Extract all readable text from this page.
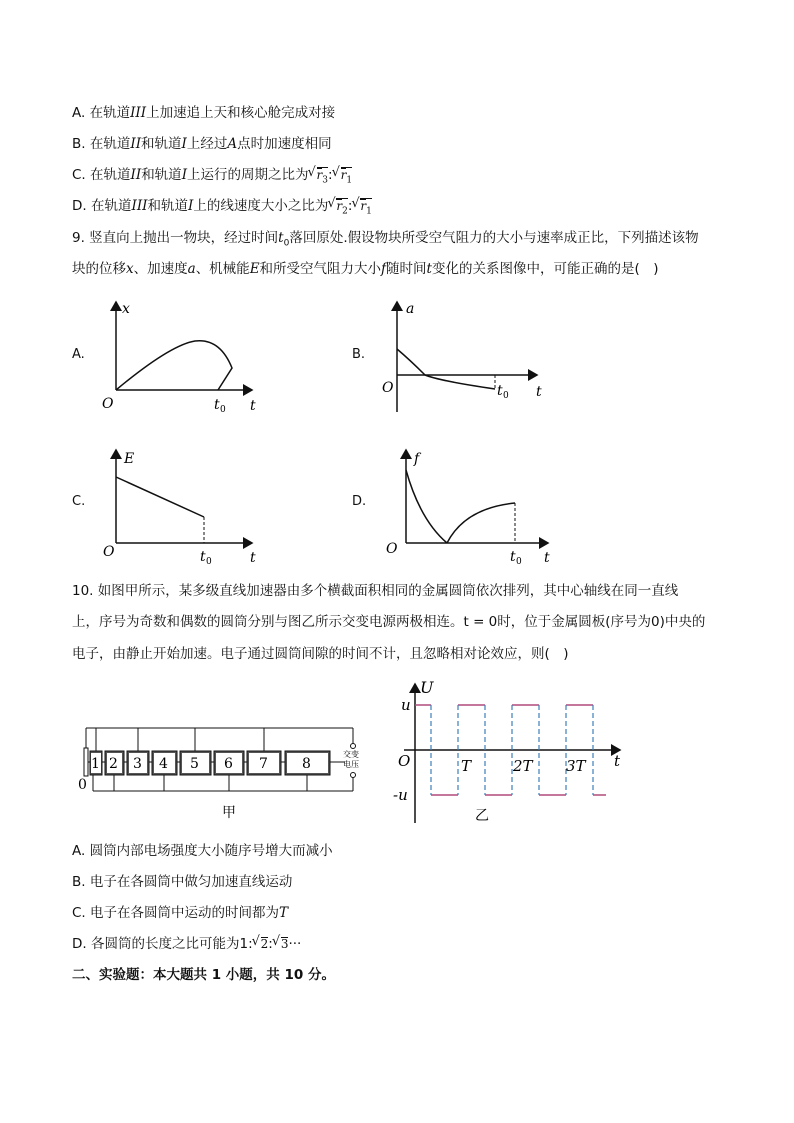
A. 在轨道III上加速追上天和核心舱完成对接
B. 在轨道II和轨道I上经过A点时加速度相同
C. 在轨道II和轨道I上运行的周期之比为√ $r_3:√$ $r_1$
D. 在轨道III和轨道I上的线速度大小之比为√ $r_2:√$ $r_1$
9. 竖直向上抛出一物块，经过时间$t_0$落回原处.假设物块所受空气阻力的大小与速率成正比，下列描述该物
块的位移x、加速度a、机械能E和所受空气阻力大小f随时间t变化的关系图像中，可能正确的是(　)
A.	B.
C.	D.
x
O	t 0 t
a
O	t 0 t
E
O	t 0	t
f
O	t 0 t
10. 如图甲所示，某多级直线加速器由多个横截面积相同的金属圆筒依次排列，其中心轴线在同一直线
上，序号为奇数和偶数的圆筒分别与图乙所示交变电源两极相连。t = 0时，位于金属圆板(序号为0)中央的
电子，由静止开始加速。电子通过圆筒间隙的时间不计，且忽略相对论效应，则(　)
1 2 3 4 5 6 7 8
0
交变
电压
甲
U
u
-u
O	T	2T 3T t
乙
A. 圆筒内部电场强度大小随序号增大而减小
B. 电子在各圆筒中做匀加速直线运动
C. 电子在各圆筒中运动的时间都为T
D. 各圆筒的长度之比可能为1:√ 2:√ 3···
二、实验题：本大题共 1 小题，共 10 分。
